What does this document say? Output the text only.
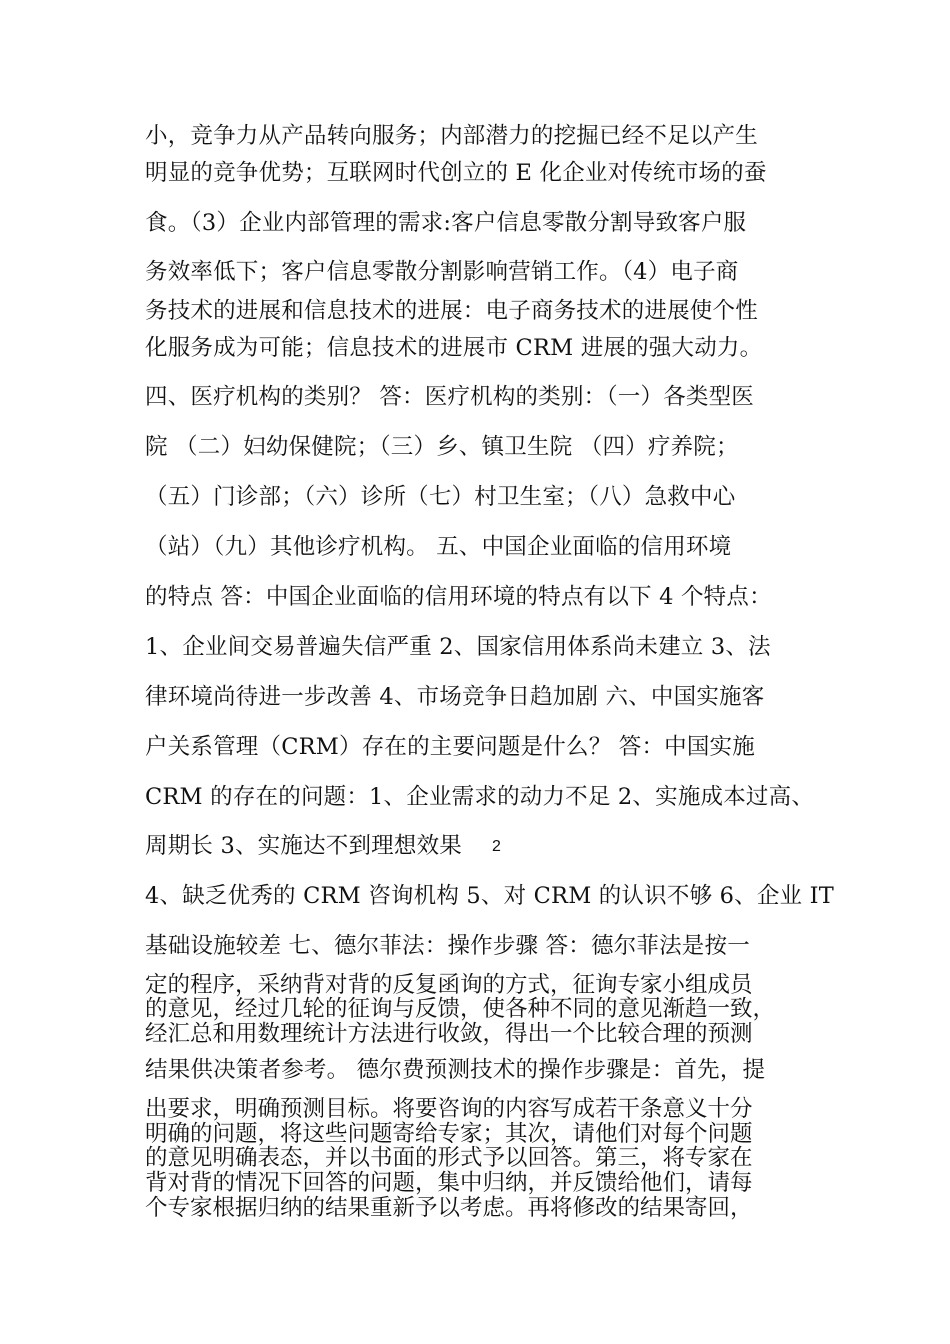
小，竞争力从产品转向服务；内部潜力的挖掘已经不足以产生
明显的竞争优势；互联网时代创立的 E 化企业对传统市场的蚕
食。（3）企业内部管理的需求:客户信息零散分割导致客户服
务效率低下；客户信息零散分割影响营销工作。（4）电子商
务技术的进展和信息技术的进展：电子商务技术的进展使个性
化服务成为可能；信息技术的进展市 CRM 进展的强大动力。
四、医疗机构的类别？ 答：医疗机构的类别：（一）各类型医
院 （二）妇幼保健院；（三）乡、镇卫生院 （四）疗养院；
（五）门诊部；（六）诊所（七）村卫生室；（八）急救中心
（站）（九）其他诊疗机构。 五、中国企业面临的信用环境
的特点 答：中国企业面临的信用环境的特点有以下 4 个特点：
1、企业间交易普遍失信严重 2、国家信用体系尚未建立 3、法
律环境尚待进一步改善 4、市场竞争日趋加剧 六、中国实施客
户关系管理（CRM）存在的主要问题是什么？ 答：中国实施
CRM 的存在的问题：1、企业需求的动力不足 2、实施成本过高、
周期长 3、实施达不到理想效果 2
4、缺乏优秀的 CRM 咨询机构 5、对 CRM 的认识不够 6、企业 IT
基础设施较差 七、德尔菲法：操作步骤 答：德尔菲法是按一
定的程序，采纳背对背的反复函询的方式，征询专家小组成员
的意见，经过几轮的征询与反馈，使各种不同的意见渐趋一致，
经汇总和用数理统计方法进行收敛，得出一个比较合理的预测
结果供决策者参考。 德尔费预测技术的操作步骤是：首先，提
出要求，明确预测目标。将要咨询的内容写成若干条意义十分
明确的问题，将这些问题寄给专家；其次，请他们对每个问题
的意见明确表态，并以书面的形式予以回答。第三，将专家在
背对背的情况下回答的问题，集中归纳，并反馈给他们，请每
个专家根据归纳的结果重新予以考虑。再将修改的结果寄回，
